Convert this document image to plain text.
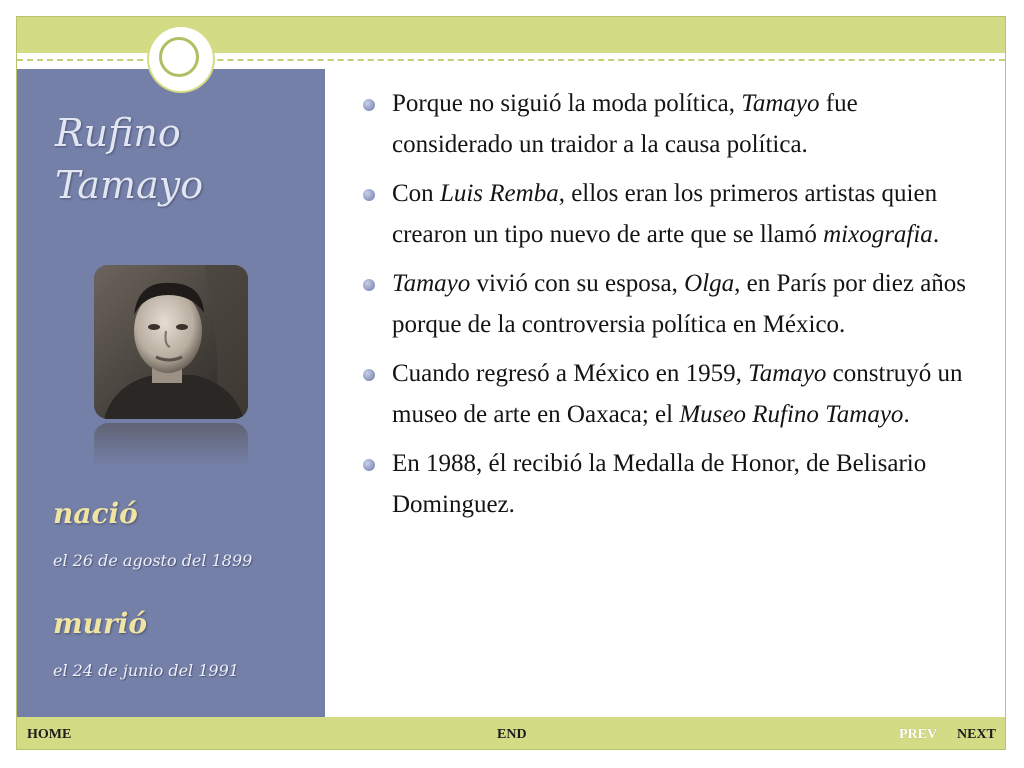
Rufino
Tamayo
nació
el 26 de agosto del 1899
murió
el 24 de junio del 1991
Porque no siguió la moda política, Tamayo fue considerado un traidor a la causa política.
Con Luis Remba, ellos eran los primeros artistas quien crearon un tipo nuevo de arte que se llamó mixografia.
Tamayo vivió con su esposa, Olga, en París por diez años porque de la controversia política en México.
Cuando regresó a México en 1959, Tamayo construyó un museo de arte en Oaxaca; el Museo Rufino Tamayo.
En 1988, él recibió la Medalla de Honor, de Belisario Dominguez.
HOME	END	PREV NEXT
